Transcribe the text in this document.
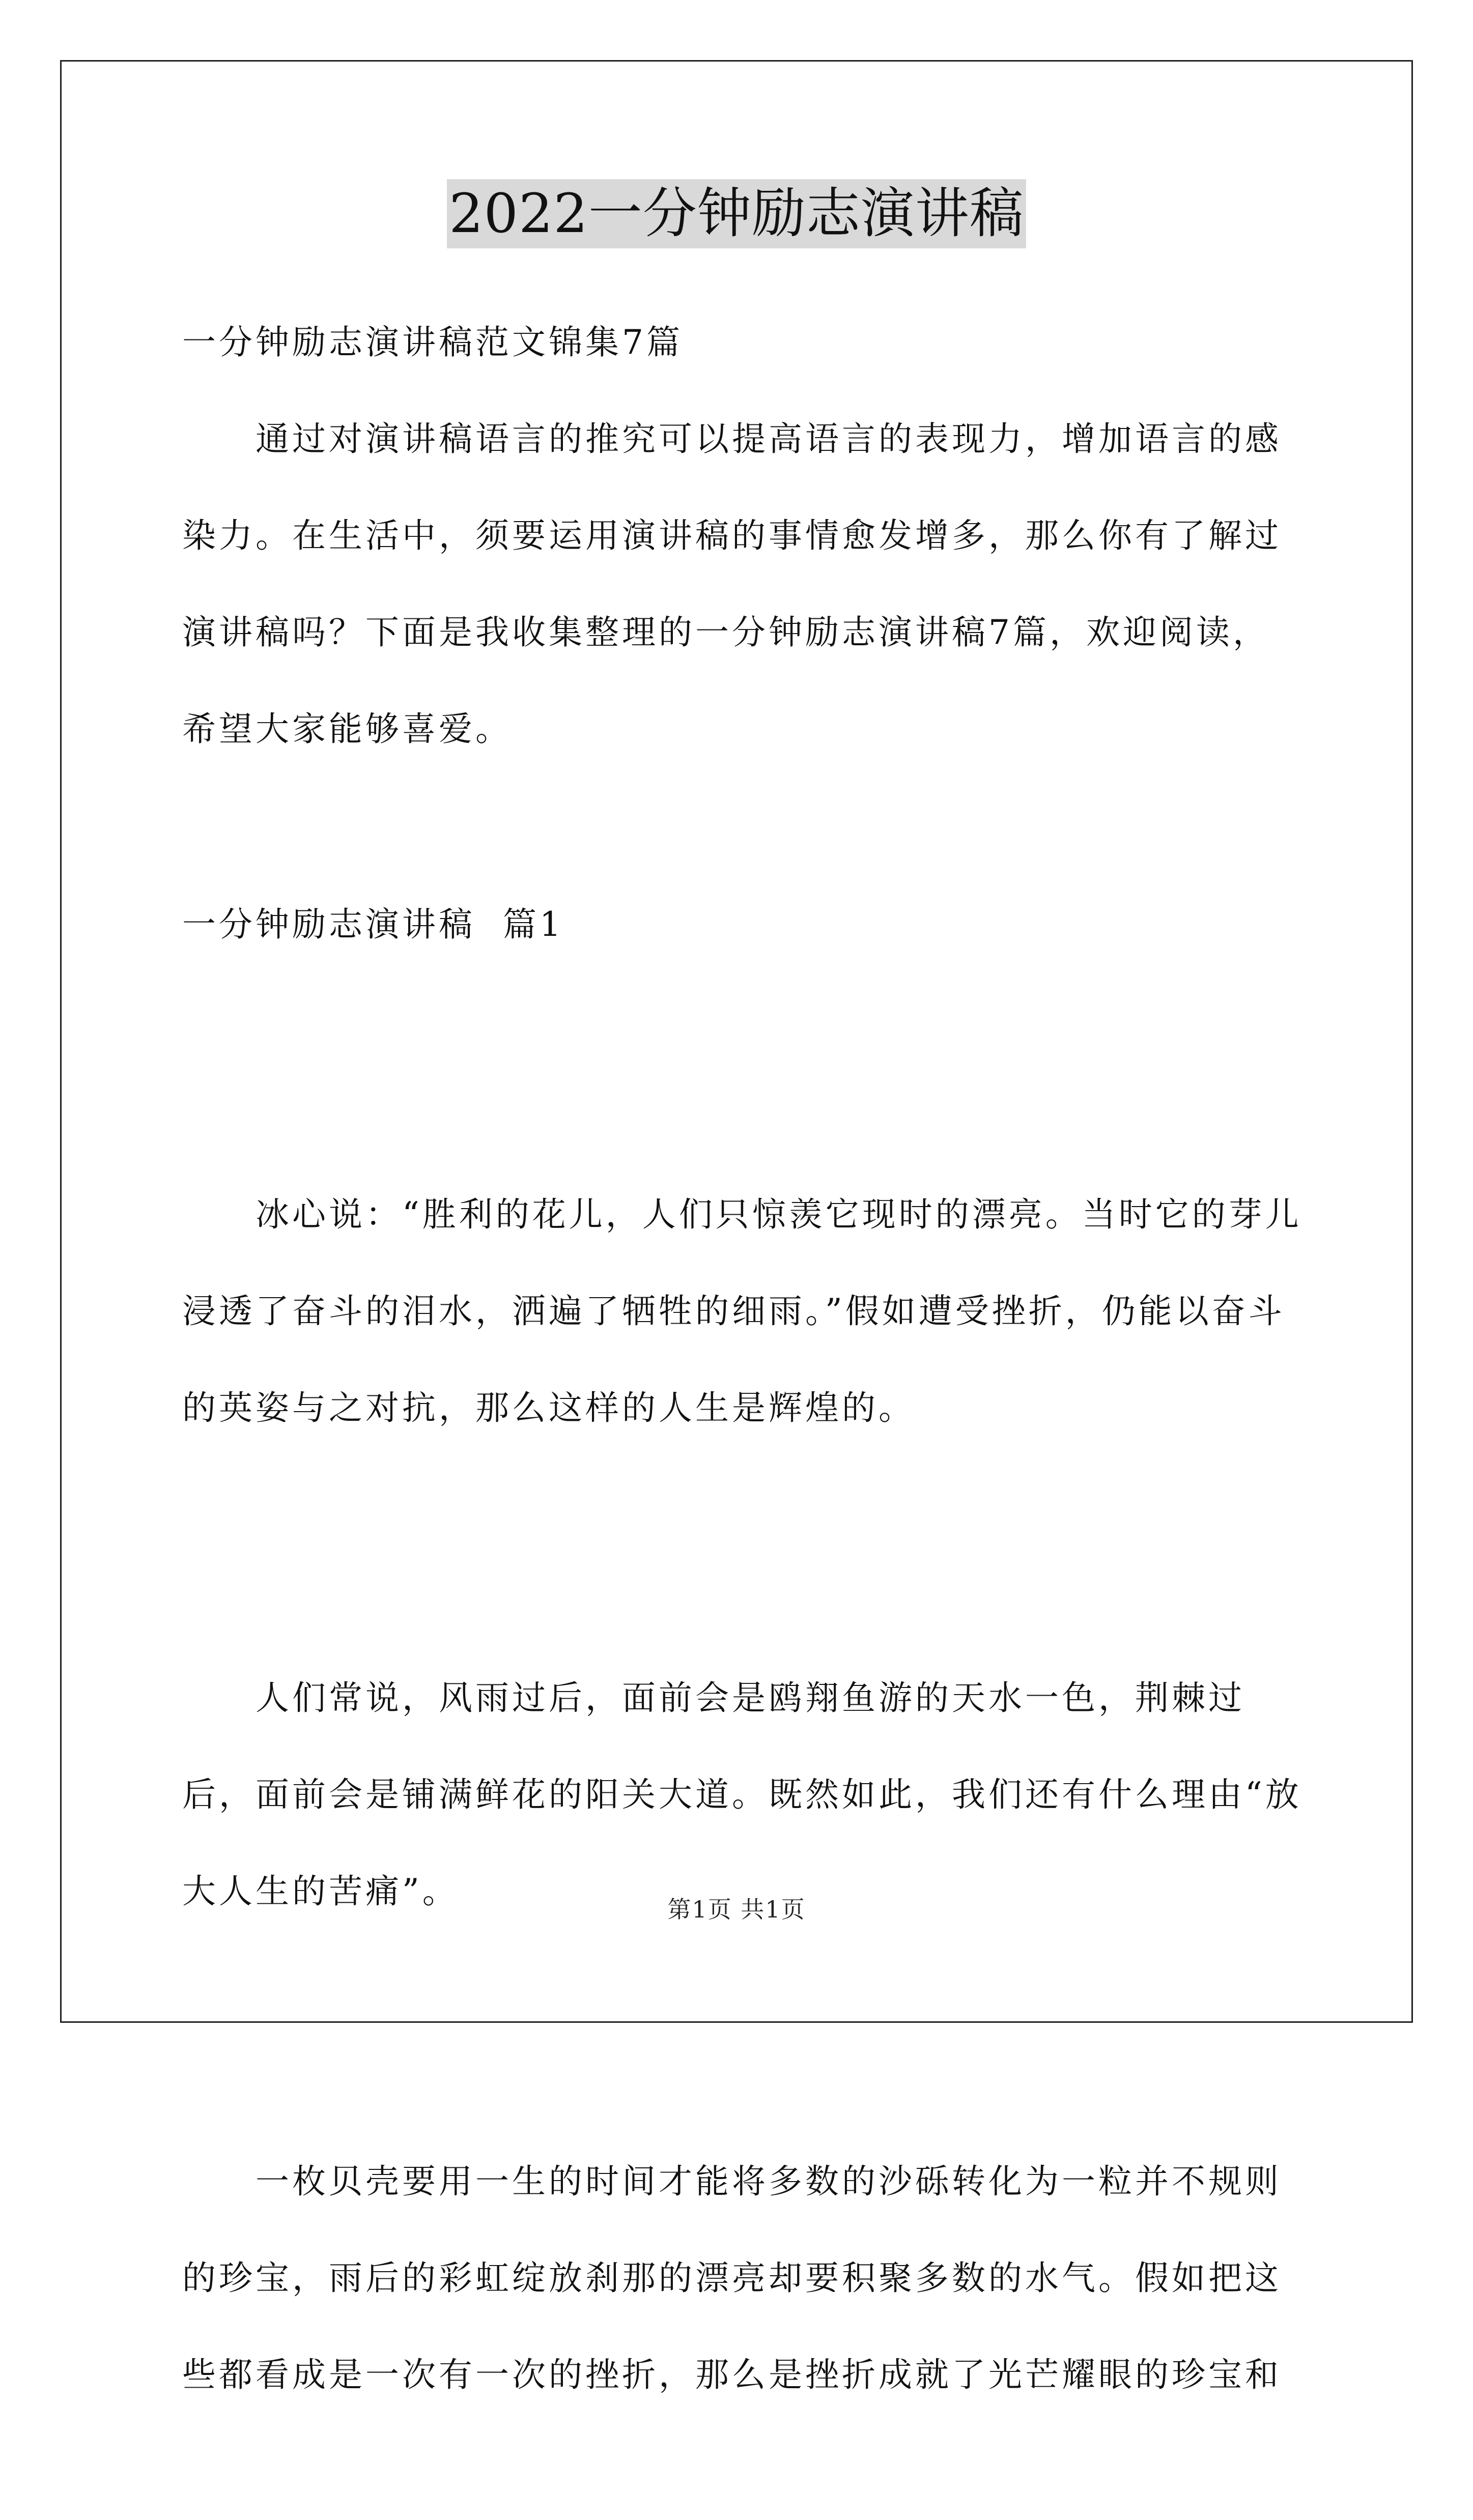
2022一分钟励志演讲稿
一分钟励志演讲稿范文锦集7篇
通过对演讲稿语言的推究可以提高语言的表现力，增加语言的感染力。在生活中，须要运用演讲稿的事情愈发增多，那么你有了解过演讲稿吗？下面是我收集整理的一分钟励志演讲稿7篇，欢迎阅读，希望大家能够喜爱。
一分钟励志演讲稿  篇1

冰心说：“胜利的花儿，人们只惊羡它现时的漂亮。当时它的芽儿浸透了奋斗的泪水，洒遍了牺牲的细雨。”假如遭受挫折，仍能以奋斗的英姿与之对抗，那么这样的人生是辉煌的。

人们常说，风雨过后，面前会是鸥翔鱼游的天水一色，荆棘过后，面前会是铺满鲜花的阳关大道。既然如此，我们还有什么理由“放大人生的苦痛”。

一枚贝壳要用一生的时间才能将多数的沙砾转化为一粒并不规则的珍宝，雨后的彩虹绽放刹那的漂亮却要积聚多数的水气。假如把这些都看成是一次有一次的挫折，那么是挫折成就了光芒耀眼的珍宝和

第1页 共1页
